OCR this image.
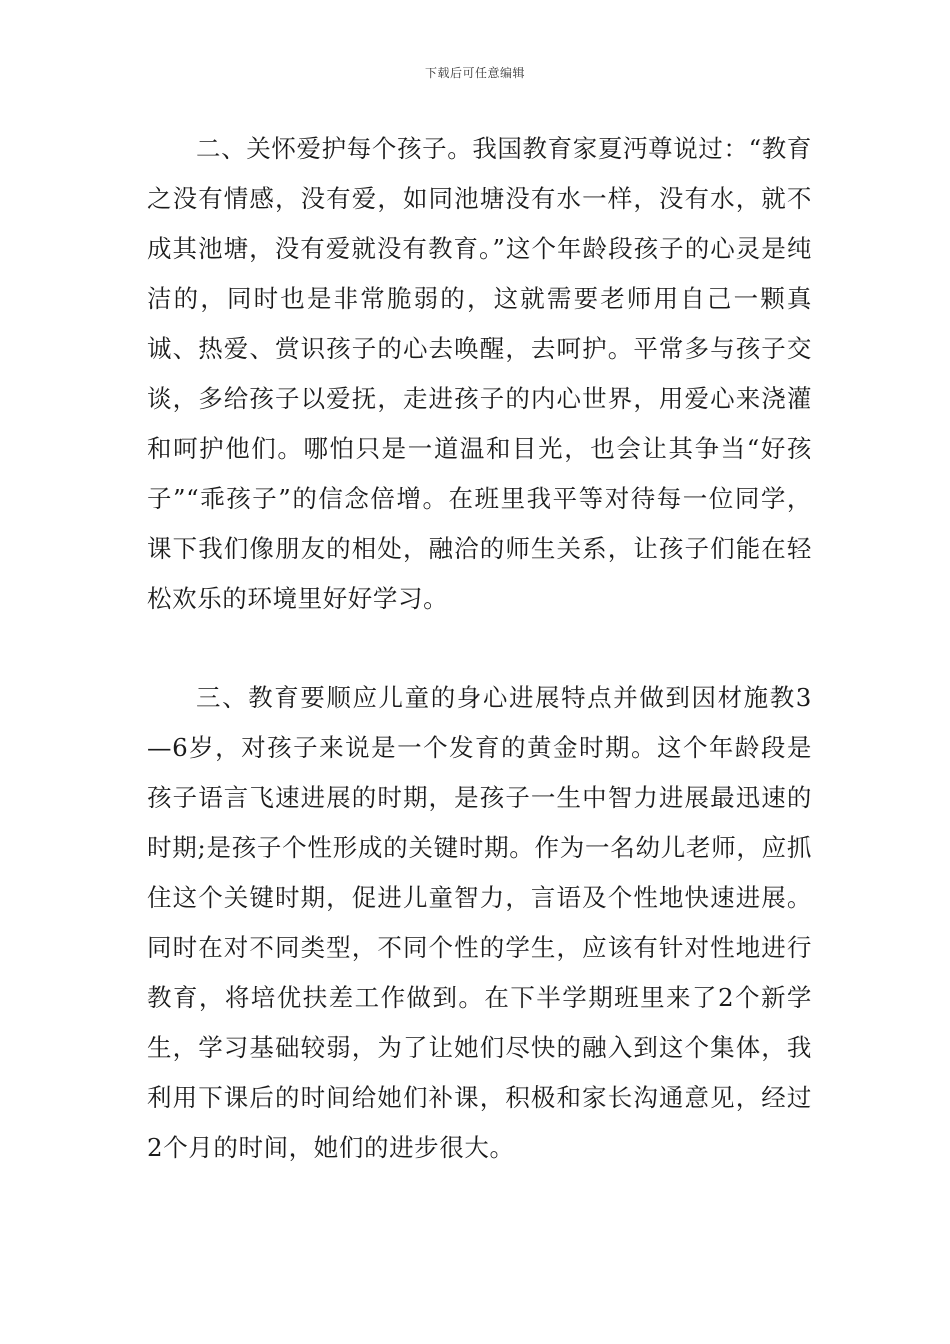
下载后可任意编辑

二、关怀爱护每个孩子。我国教育家夏沔尊说过：“教育之没有情感，没有爱，如同池塘没有水一样，没有水，就不成其池塘，没有爱就没有教育。”这个年龄段孩子的心灵是纯洁的，同时也是非常脆弱的，这就需要老师用自己一颗真诚、热爱、赏识孩子的心去唤醒，去呵护。平常多与孩子交谈，多给孩子以爱抚，走进孩子的内心世界，用爱心来浇灌和呵护他们。哪怕只是一道温和目光，也会让其争当“好孩子”“乖孩子”的信念倍增。在班里我平等对待每一位同学，课下我们像朋友的相处，融洽的师生关系，让孩子们能在轻松欢乐的环境里好好学习。

三、教育要顺应儿童的身心进展特点并做到因材施教3—6岁，对孩子来说是一个发育的黄金时期。这个年龄段是孩子语言飞速进展的时期，是孩子一生中智力进展最迅速的时期;是孩子个性形成的关键时期。作为一名幼儿老师，应抓住这个关键时期，促进儿童智力，言语及个性地快速进展。同时在对不同类型，不同个性的学生，应该有针对性地进行教育，将培优扶差工作做到。在下半学期班里来了2个新学生，学习基础较弱，为了让她们尽快的融入到这个集体，我利用下课后的时间给她们补课，积极和家长沟通意见，经过2个月的时间，她们的进步很大。
